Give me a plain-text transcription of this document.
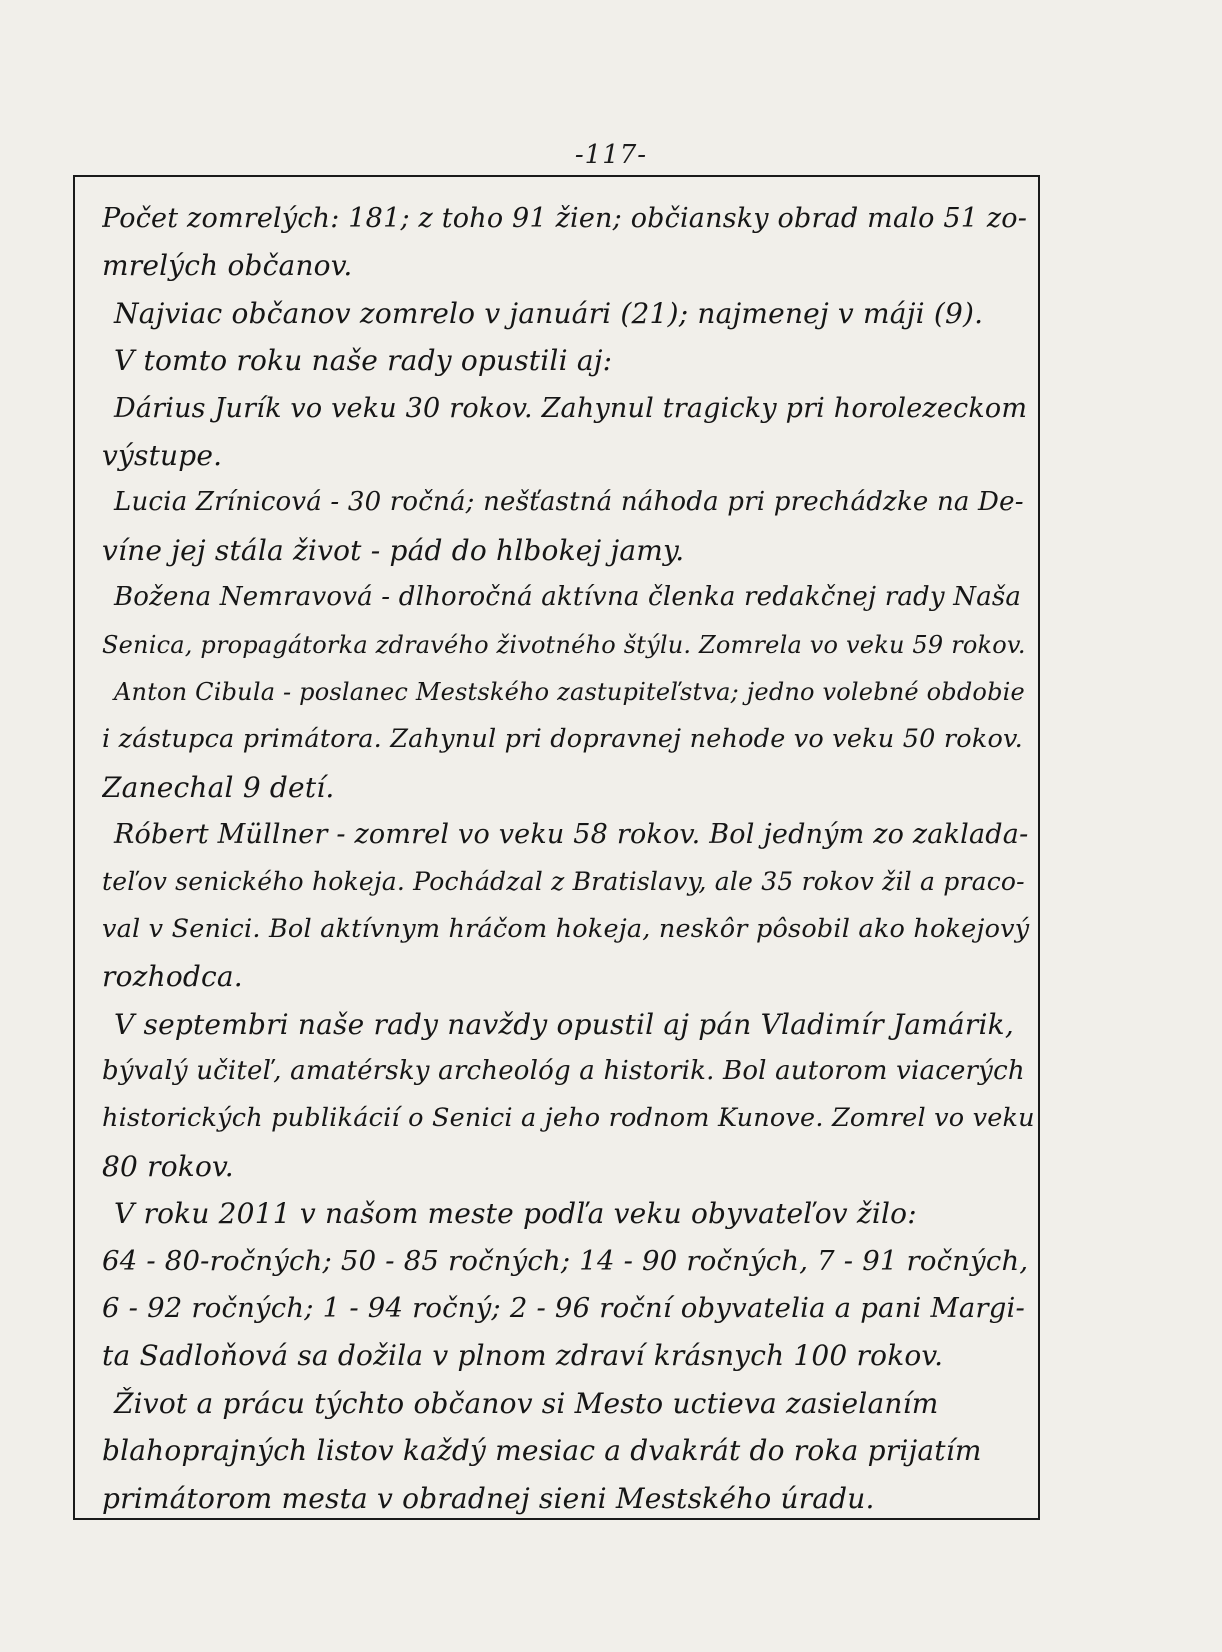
-117-
Počet zomrelých: 181; z toho 91 žien; občiansky obrad malo 51 zo-
mrelých občanov.
Najviac občanov zomrelo v januári (21); najmenej v máji (9).
V tomto roku naše rady opustili aj:
Dárius Jurík vo veku 30 rokov. Zahynul tragicky pri horolezeckom
výstupe.
Lucia Zrínicová - 30 ročná; nešťastná náhoda pri prechádzke na De-
víne jej stála život - pád do hlbokej jamy.
Božena Nemravová - dlhoročná aktívna členka redakčnej rady Naša
Senica, propagátorka zdravého životného štýlu. Zomrela vo veku 59 rokov.
Anton Cibula - poslanec Mestského zastupiteľstva; jedno volebné obdobie
i zástupca primátora. Zahynul pri dopravnej nehode vo veku 50 rokov.
Zanechal 9 detí.
Róbert Müllner - zomrel vo veku 58 rokov. Bol jedným zo zaklada-
teľov senického hokeja. Pochádzal z Bratislavy, ale 35 rokov žil a praco-
val v Senici. Bol aktívnym hráčom hokeja, neskôr pôsobil ako hokejový
rozhodca.
V septembri naše rady navždy opustil aj pán Vladimír Jamárik,
bývalý učiteľ, amatérsky archeológ a historik. Bol autorom viacerých
historických publikácií o Senici a jeho rodnom Kunove. Zomrel vo veku
80 rokov.
V roku 2011 v našom meste podľa veku obyvateľov žilo:
64 - 80-ročných; 50 - 85 ročných; 14 - 90 ročných, 7 - 91 ročných,
6 - 92 ročných; 1 - 94 ročný; 2 - 96 roční obyvatelia a pani Margi-
ta Sadloňová sa dožila v plnom zdraví krásnych 100 rokov.
Život a prácu týchto občanov si Mesto uctieva zasielaním
blahoprajných listov každý mesiac a dvakrát do roka prijatím
primátorom mesta v obradnej sieni Mestského úradu.
